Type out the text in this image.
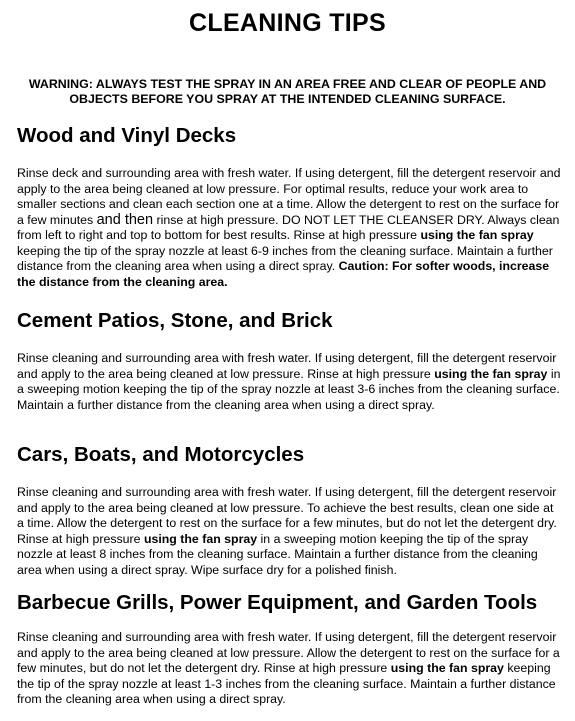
CLEANING TIPS
WARNING: ALWAYS TEST THE SPRAY IN AN AREA FREE AND CLEAR OF PEOPLE AND OBJECTS BEFORE YOU SPRAY AT THE INTENDED CLEANING SURFACE.
Wood and Vinyl Decks
Rinse deck and surrounding area with fresh water. If using detergent, fill the detergent reservoir and apply to the area being cleaned at low pressure. For optimal results, reduce your work area to smaller sections and clean each section one at a time. Allow the detergent to rest on the surface for a few minutes and then rinse at high pressure. DO NOT LET THE CLEANSER DRY. Always clean from left to right and top to bottom for best results. Rinse at high pressure using the fan spray keeping the tip of the spray nozzle at least 6-9 inches from the cleaning surface. Maintain a further distance from the cleaning area when using a direct spray. Caution: For softer woods, increase the distance from the cleaning area.
Cement Patios, Stone, and Brick
Rinse cleaning and surrounding area with fresh water. If using detergent, fill the detergent reservoir and apply to the area being cleaned at low pressure. Rinse at high pressure using the fan spray in a sweeping motion keeping the tip of the spray nozzle at least 3-6 inches from the cleaning surface. Maintain a further distance from the cleaning area when using a direct spray.
Cars, Boats, and Motorcycles
Rinse cleaning and surrounding area with fresh water. If using detergent, fill the detergent reservoir and apply to the area being cleaned at low pressure. To achieve the best results, clean one side at a time. Allow the detergent to rest on the surface for a few minutes, but do not let the detergent dry. Rinse at high pressure using the fan spray in a sweeping motion keeping the tip of the spray nozzle at least 8 inches from the cleaning surface. Maintain a further distance from the cleaning area when using a direct spray. Wipe surface dry for a polished finish.
Barbecue Grills, Power Equipment, and Garden Tools
Rinse cleaning and surrounding area with fresh water. If using detergent, fill the detergent reservoir and apply to the area being cleaned at low pressure. Allow the detergent to rest on the surface for a few minutes, but do not let the detergent dry. Rinse at high pressure using the fan spray keeping the tip of the spray nozzle at least 1-3 inches from the cleaning surface. Maintain a further distance from the cleaning area when using a direct spray.
